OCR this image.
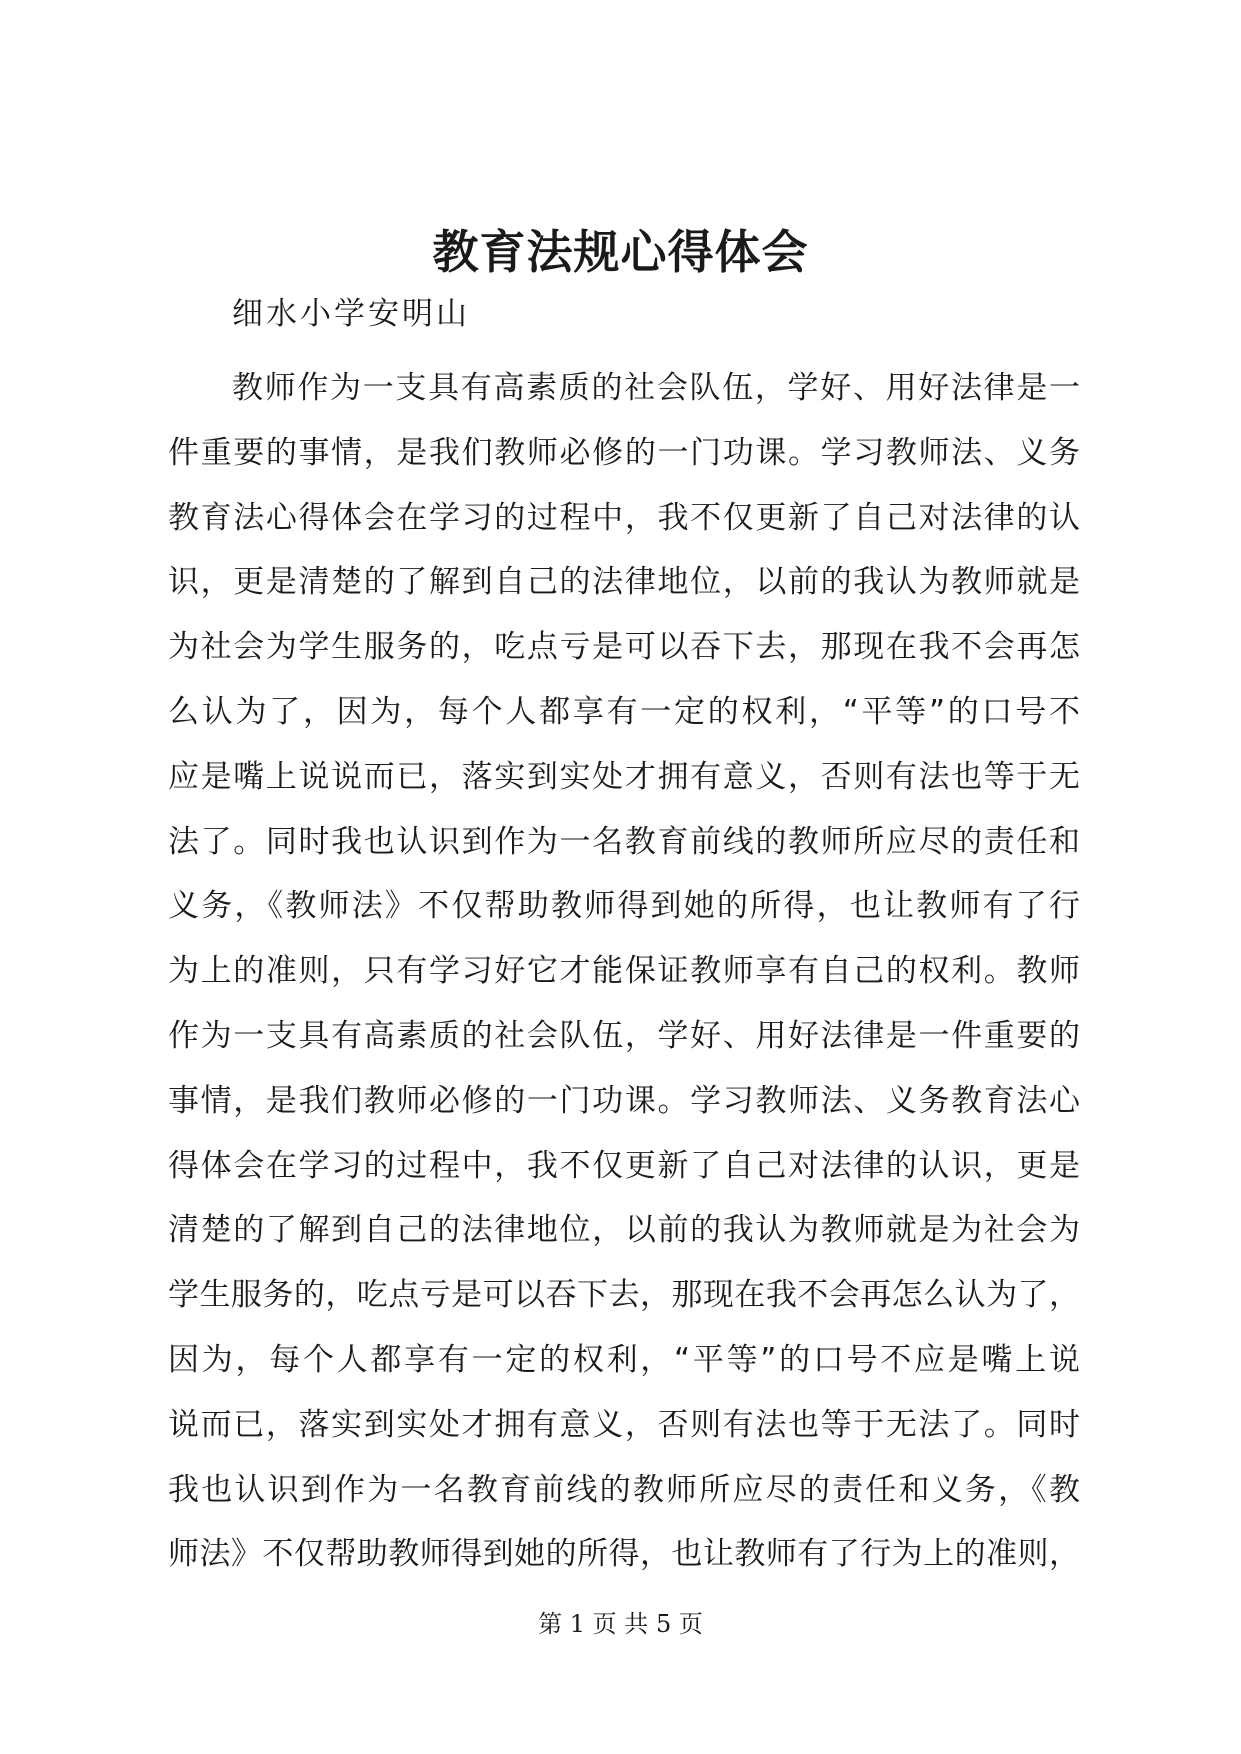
教育法规心得体会
细水小学安明山
教师作为一支具有高素质的社会队伍，学好、用好法律是一
件重要的事情，是我们教师必修的一门功课。学习教师法、义务
教育法心得体会在学习的过程中，我不仅更新了自己对法律的认
识，更是清楚的了解到自己的法律地位，以前的我认为教师就是
为社会为学生服务的，吃点亏是可以吞下去，那现在我不会再怎
么认为了，因为，每个人都享有一定的权利，“平等”的口号不
应是嘴上说说而已，落实到实处才拥有意义，否则有法也等于无
法了。同时我也认识到作为一名教育前线的教师所应尽的责任和
义务，《教师法》不仅帮助教师得到她的所得，也让教师有了行
为上的准则，只有学习好它才能保证教师享有自己的权利。教师
作为一支具有高素质的社会队伍，学好、用好法律是一件重要的
事情，是我们教师必修的一门功课。学习教师法、义务教育法心
得体会在学习的过程中，我不仅更新了自己对法律的认识，更是
清楚的了解到自己的法律地位，以前的我认为教师就是为社会为
学生服务的，吃点亏是可以吞下去，那现在我不会再怎么认为了，
因为，每个人都享有一定的权利，“平等”的口号不应是嘴上说
说而已，落实到实处才拥有意义，否则有法也等于无法了。同时
我也认识到作为一名教育前线的教师所应尽的责任和义务，《教
师法》不仅帮助教师得到她的所得，也让教师有了行为上的准则，
第 1 页 共 5 页
